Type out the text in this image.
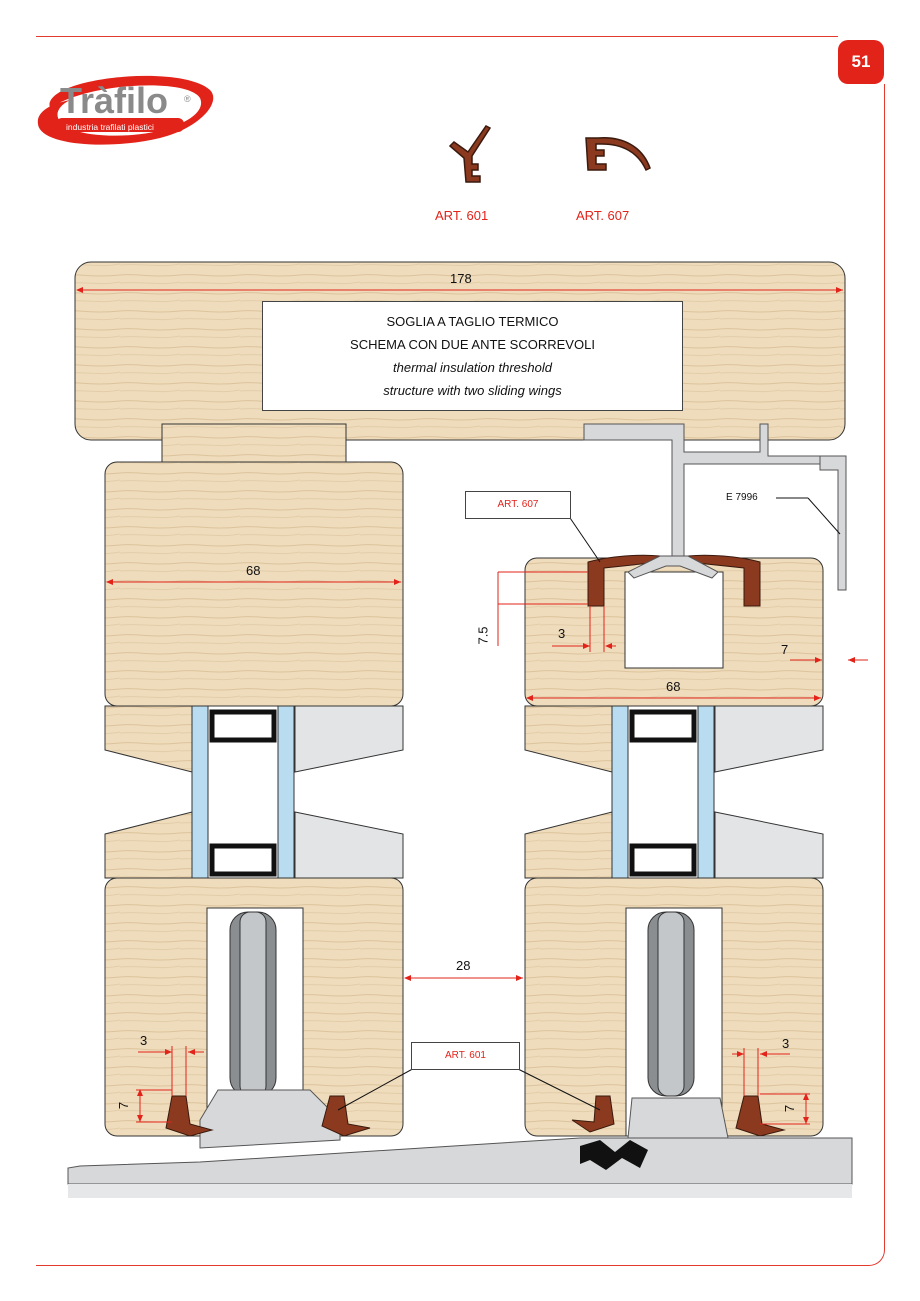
51
Tràfilo ®
industria trafilati plastici
ART. 601	ART. 607
SOGLIA A TAGLIO TERMICO
SCHEMA CON DUE ANTE SCORREVOLI
thermal insulation threshold
structure with two sliding wings
ART. 607
ART. 601
E 7996
178
68
68
28
7.5	3
7
3
7
3
7
